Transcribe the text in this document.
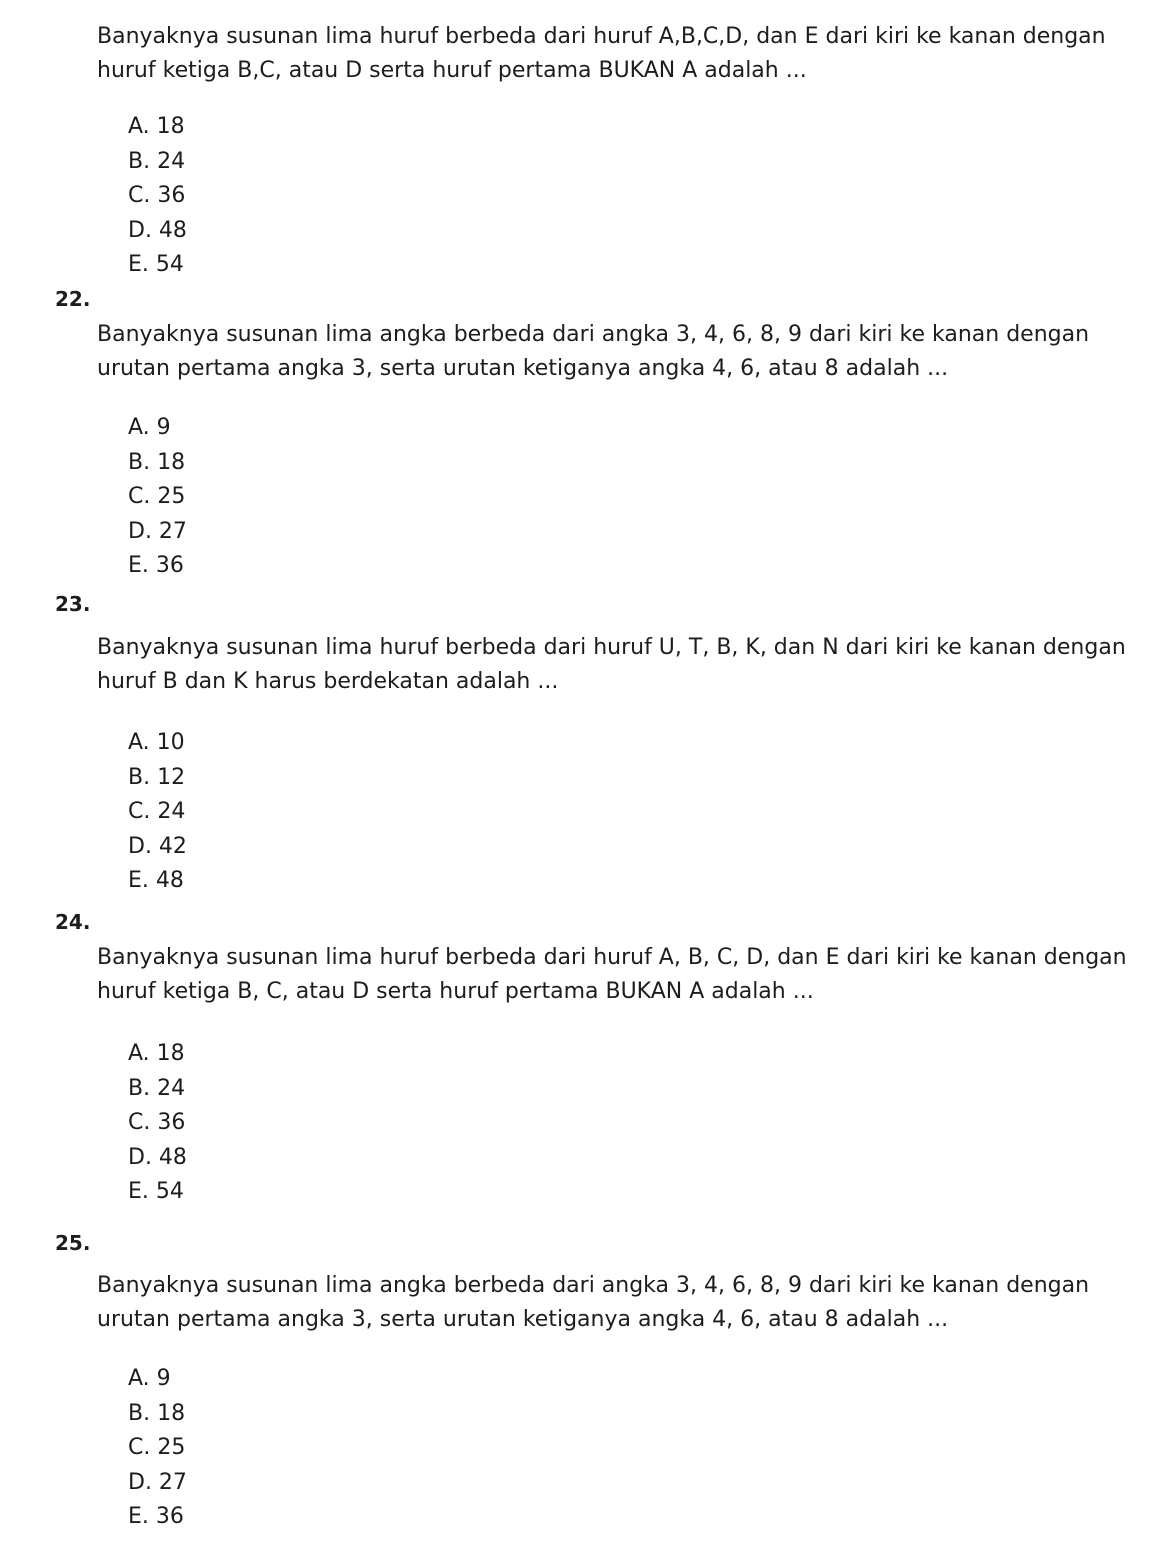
Banyaknya susunan lima huruf berbeda dari huruf A,B,C,D, dan E dari kiri ke kanan dengan huruf ketiga B,C, atau D serta huruf pertama BUKAN A adalah ...

A. 18
B. 24
C. 36
D. 48
E. 54

22.

Banyaknya susunan lima angka berbeda dari angka 3, 4, 6, 8, 9 dari kiri ke kanan dengan urutan pertama angka 3, serta urutan ketiganya angka 4, 6, atau 8 adalah ...

A. 9
B. 18
C. 25
D. 27
E. 36

23.

Banyaknya susunan lima huruf berbeda dari huruf U, T, B, K, dan N dari kiri ke kanan dengan huruf B dan K harus berdekatan adalah ...

A. 10
B. 12
C. 24
D. 42
E. 48

24.

Banyaknya susunan lima huruf berbeda dari huruf A, B, C, D, dan E dari kiri ke kanan dengan huruf ketiga B, C, atau D serta huruf pertama BUKAN A adalah ...

A. 18
B. 24
C. 36
D. 48
E. 54

25.

Banyaknya susunan lima angka berbeda dari angka 3, 4, 6, 8, 9 dari kiri ke kanan dengan urutan pertama angka 3, serta urutan ketiganya angka 4, 6, atau 8 adalah ...

A. 9
B. 18
C. 25
D. 27
E. 36
